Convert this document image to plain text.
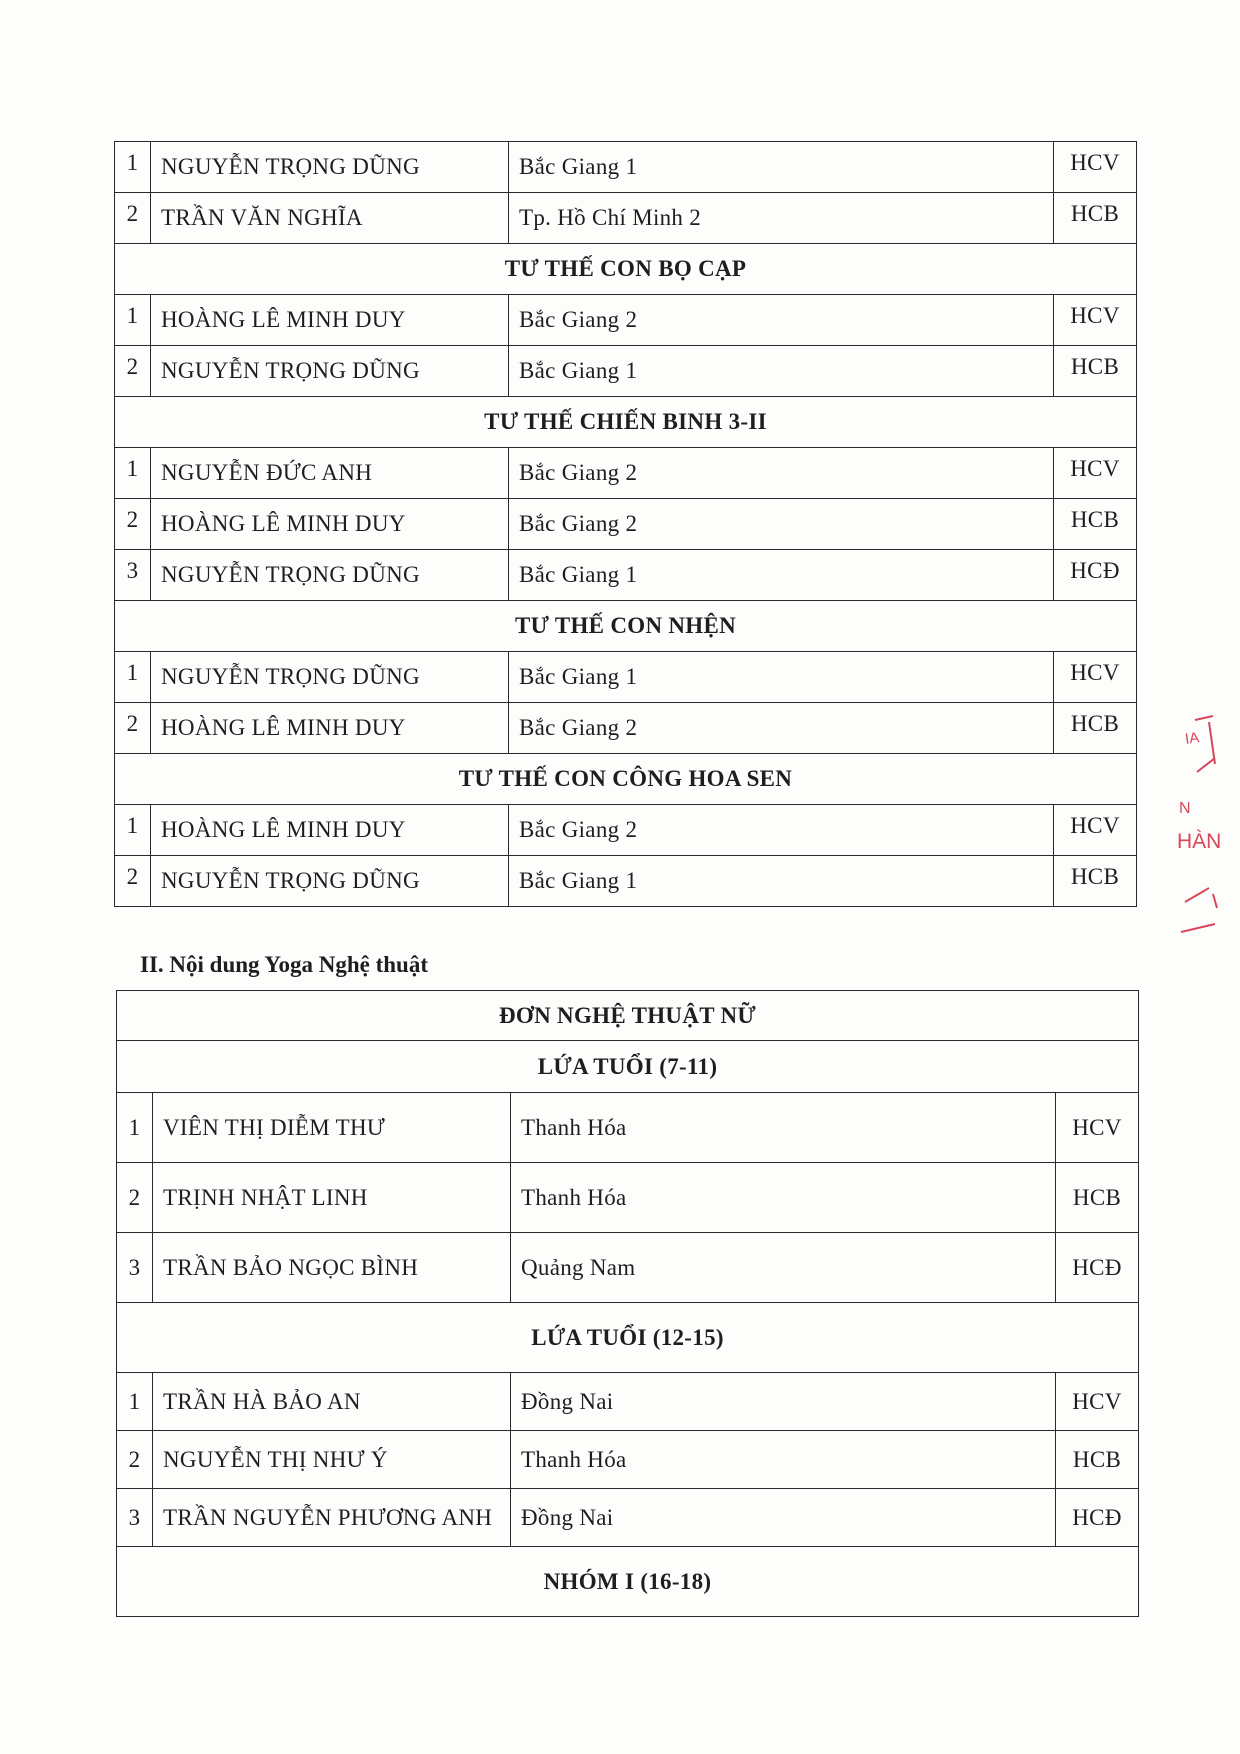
1	NGUYỄN TRỌNG DŨNG	Bắc Giang 1	HCV
2	TRẦN VĂN NGHĨA	Tp. Hồ Chí Minh 2	HCB
TƯ THẾ CON BỌ CẠP			
1	HOÀNG LÊ MINH DUY	Bắc Giang 2	HCV
2	NGUYỄN TRỌNG DŨNG	Bắc Giang 1	HCB
TƯ THẾ CHIẾN BINH 3-II			
1	NGUYỄN ĐỨC ANH	Bắc Giang 2	HCV
2	HOÀNG LÊ MINH DUY	Bắc Giang 2	HCB
3	NGUYỄN TRỌNG DŨNG	Bắc Giang 1	HCĐ
TƯ THẾ CON NHỆN			
1	NGUYỄN TRỌNG DŨNG	Bắc Giang 1	HCV
2	HOÀNG LÊ MINH DUY	Bắc Giang 2	HCB
TƯ THẾ CON CÔNG HOA SEN			
1	HOÀNG LÊ MINH DUY	Bắc Giang 2	HCV
2	NGUYỄN TRỌNG DŨNG	Bắc Giang 1	HCB

II. Nội dung Yoga Nghệ thuật

ĐƠN NGHỆ THUẬT NỮ			
LỨA TUỔI (7-11)			
1	VIÊN THỊ DIỄM THƯ	Thanh Hóa	HCV
2	TRỊNH NHẬT LINH	Thanh Hóa	HCB
3	TRẦN BẢO NGỌC BÌNH	Quảng Nam	HCĐ
LỨA TUỔI (12-15)			
1	TRẦN HÀ BẢO AN	Đồng Nai	HCV
2	NGUYỄN THỊ NHƯ Ý	Thanh Hóa	HCB
3	TRẦN NGUYỄN PHƯƠNG ANH	Đồng Nai	HCĐ
NHÓM I (16-18)			
IA
N
HÀN
